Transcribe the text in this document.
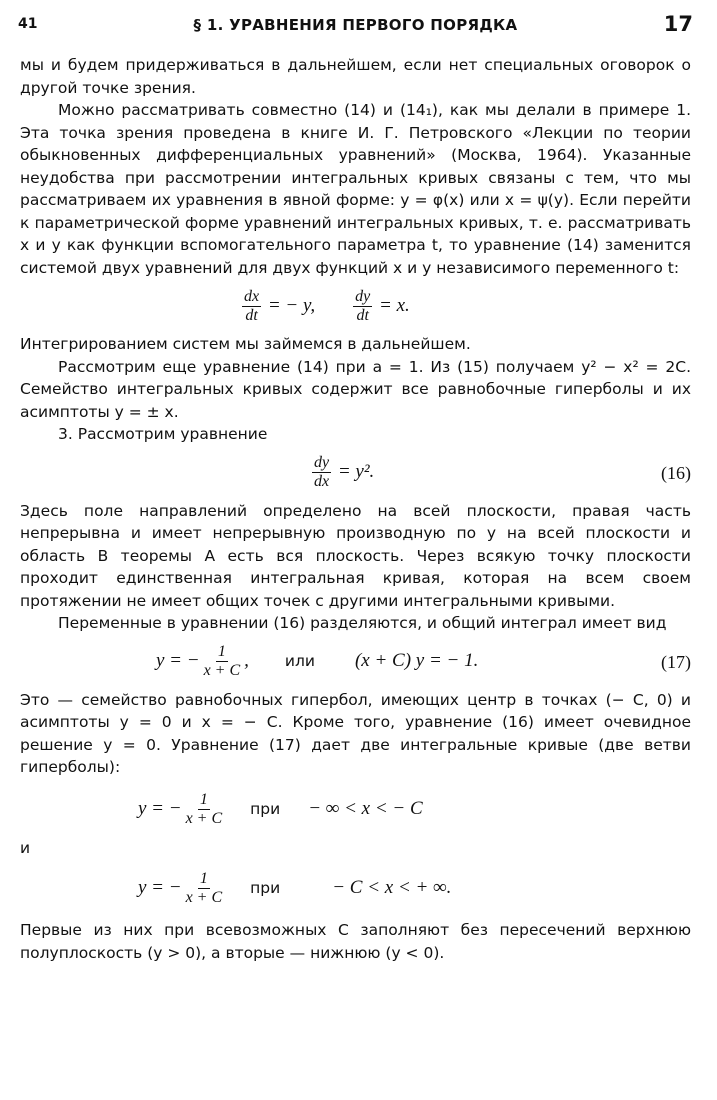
41	§ 1. УРАВНЕНИЯ ПЕРВОГО ПОРЯДКА	17

мы и будем придерживаться в дальнейшем, если нет специальных оговорок о другой точке зрения.

Можно рассматривать совместно (14) и (14₁), как мы делали в примере 1. Эта точка зрения проведена в книге И. Г. Петровского «Лекции по теории обыкновенных дифференциальных уравнений» (Москва, 1964). Указанные неудобства при рассмотрении интегральных кривых связаны с тем, что мы рассматриваем их уравнения в явной форме: y = φ(x) или x = ψ(y). Если перейти к параметрической форме уравнений интегральных кривых, т. е. рассматривать x и y как функции вспомогательного параметра t, то уравнение (14) заменится системой двух уравнений для двух функций x и y независимого переменного t:

$\frac{dx}{dt}$ = − y, $\frac{dy}{dt} = x$.

Интегрированием систем мы займемся в дальнейшем.

Рассмотрим еще уравнение (14) при a = 1. Из (15) получаем y² − x² = 2C. Семейство интегральных кривых содержит все равнобочные гиперболы и их асимптоты y = ± x.

3. Рассмотрим уравнение

$\frac{dy}{dx} = y^2$.	(16)

Здесь поле направлений определено на всей плоскости, правая часть непрерывна и имеет непрерывную производную по y на всей плоскости и область B теоремы A есть вся плоскость. Через всякую точку плоскости проходит единственная интегральная кривая, которая на всем своем протяжении не имеет общих точек с другими интегральными кривыми.

Переменные в уравнении (16) разделяются, и общий интеграл имеет вид

y = − $\frac{1}{x + C}$ , или (x + C) y = − 1.	(17)

Это — семейство равнобочных гипербол, имеющих центр в точках (− C, 0) и асимптоты y = 0 и x = − C. Кроме того, уравнение (16) имеет очевидное решение y = 0. Уравнение (17) дает две интегральные кривые (две ветви гиперболы):

y = − $\frac{1}{x + C}$ при − ∞ < x < − C

и

y = − $\frac{1}{x + C}$ при	− C < x < + ∞.

Первые из них при всевозможных C заполняют без пересечений верхнюю полуплоскость (y > 0), а вторые — нижнюю (y < 0).
